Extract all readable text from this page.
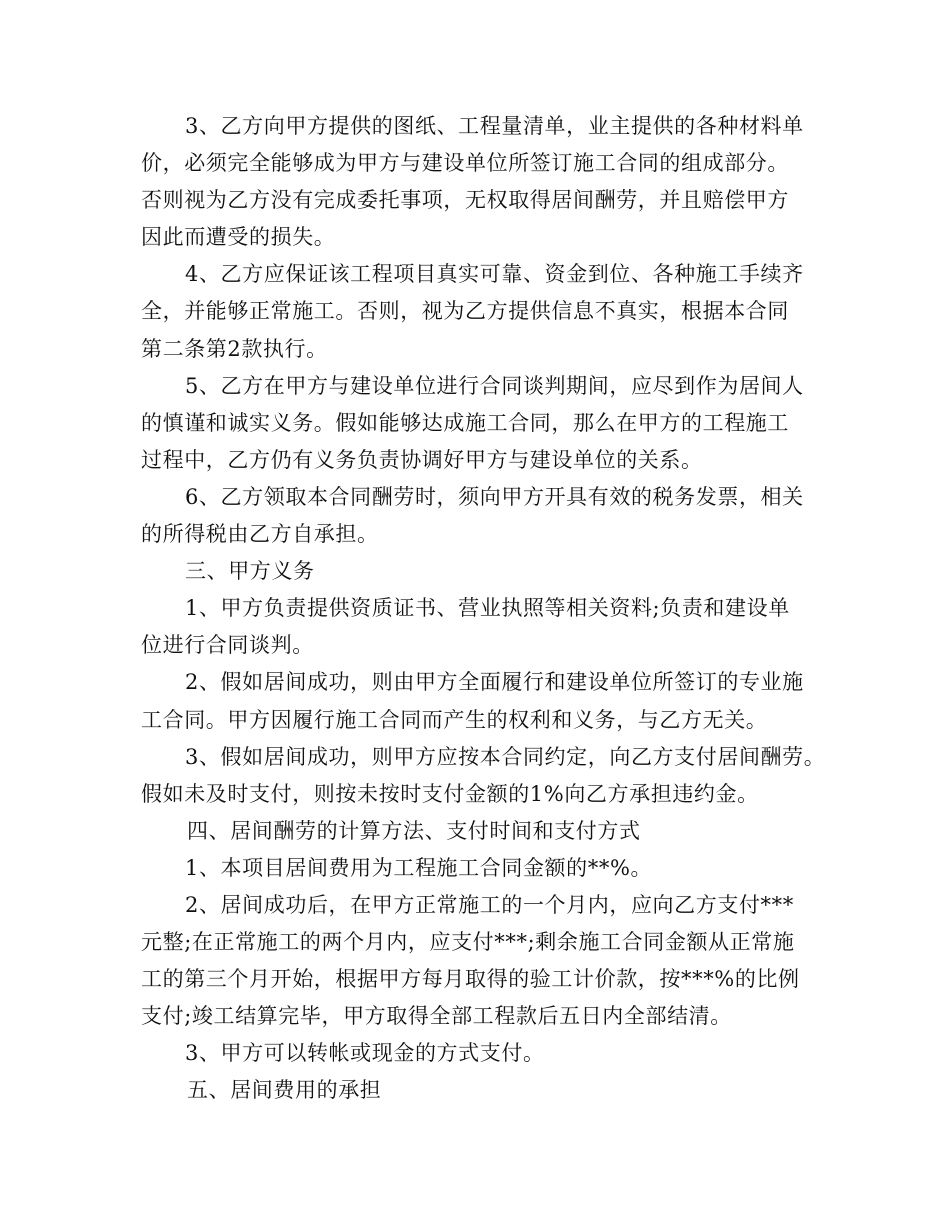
3、乙方向甲方提供的图纸、工程量清单，业主提供的各种材料单
价，必须完全能够成为甲方与建设单位所签订施工合同的组成部分。
否则视为乙方没有完成委托事项，无权取得居间酬劳，并且赔偿甲方
因此而遭受的损失。
4、乙方应保证该工程项目真实可靠、资金到位、各种施工手续齐
全，并能够正常施工。否则，视为乙方提供信息不真实，根据本合同
第二条第2款执行。
5、乙方在甲方与建设单位进行合同谈判期间，应尽到作为居间人
的慎谨和诚实义务。假如能够达成施工合同，那么在甲方的工程施工
过程中，乙方仍有义务负责协调好甲方与建设单位的关系。
6、乙方领取本合同酬劳时，须向甲方开具有效的税务发票，相关
的所得税由乙方自承担。
三、甲方义务
1、甲方负责提供资质证书、营业执照等相关资料;负责和建设单
位进行合同谈判。
2、假如居间成功，则由甲方全面履行和建设单位所签订的专业施
工合同。甲方因履行施工合同而产生的权利和义务，与乙方无关。
3、假如居间成功，则甲方应按本合同约定，向乙方支付居间酬劳。
假如未及时支付，则按未按时支付金额的1%向乙方承担违约金。
四、居间酬劳的计算方法、支付时间和支付方式
1、本项目居间费用为工程施工合同金额的**%。
2、居间成功后，在甲方正常施工的一个月内，应向乙方支付***
元整;在正常施工的两个月内，应支付***;剩余施工合同金额从正常施
工的第三个月开始，根据甲方每月取得的验工计价款，按***%的比例
支付;竣工结算完毕，甲方取得全部工程款后五日内全部结清。
3、甲方可以转帐或现金的方式支付。
五、居间费用的承担
